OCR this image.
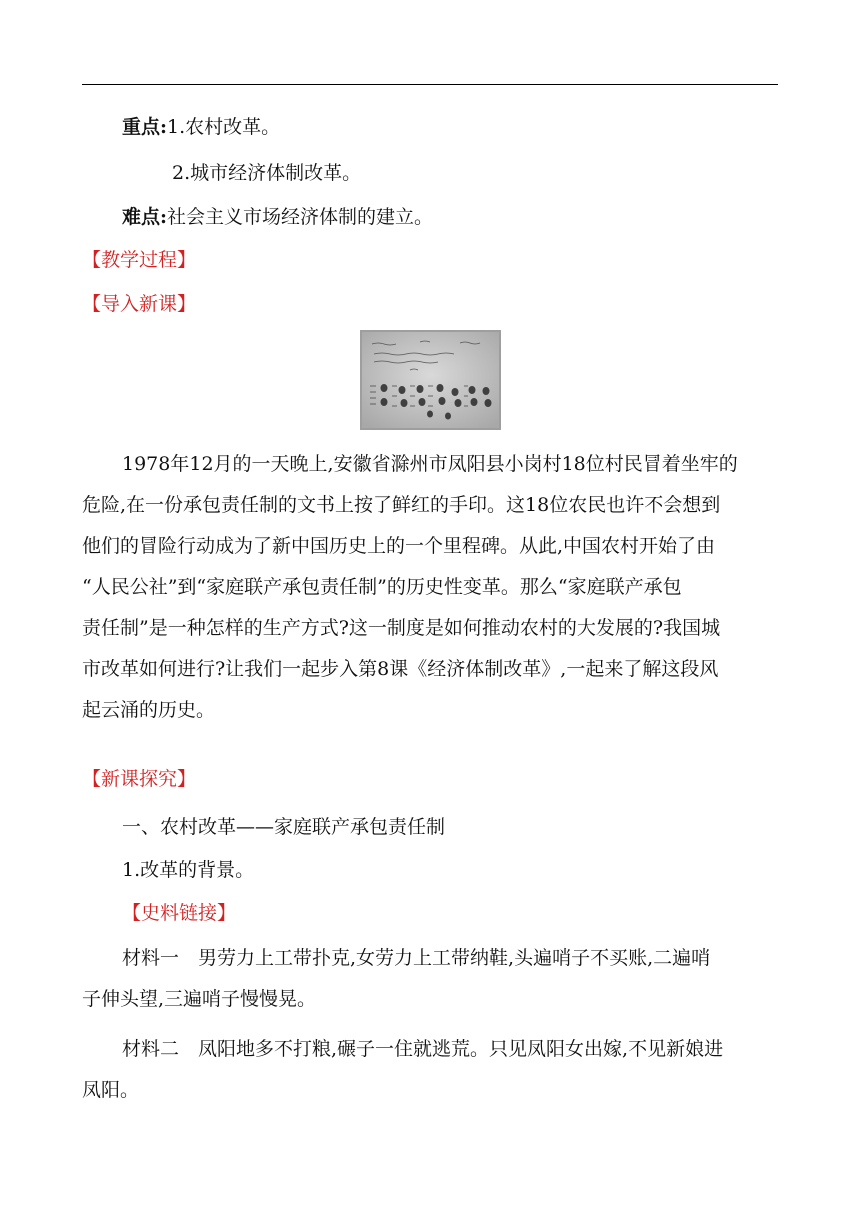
重点:1.农村改革。
2.城市经济体制改革。
难点:社会主义市场经济体制的建立。
【教学过程】
【导入新课】
1978年12月的一天晚上,安徽省滁州市凤阳县小岗村18位村民冒着坐牢的
危险,在一份承包责任制的文书上按了鲜红的手印。这18位农民也许不会想到
他们的冒险行动成为了新中国历史上的一个里程碑。从此,中国农村开始了由
“人民公社”到“家庭联产承包责任制”的历史性变革。那么“家庭联产承包
责任制”是一种怎样的生产方式?这一制度是如何推动农村的大发展的?我国城
市改革如何进行?让我们一起步入第8课《经济体制改革》,一起来了解这段风
起云涌的历史。
【新课探究】
一、农村改革——家庭联产承包责任制
1.改革的背景。
【史料链接】
材料一　男劳力上工带扑克,女劳力上工带纳鞋,头遍哨子不买账,二遍哨
子伸头望,三遍哨子慢慢晃。
材料二　凤阳地多不打粮,碾子一住就逃荒。只见凤阳女出嫁,不见新娘进
凤阳。
